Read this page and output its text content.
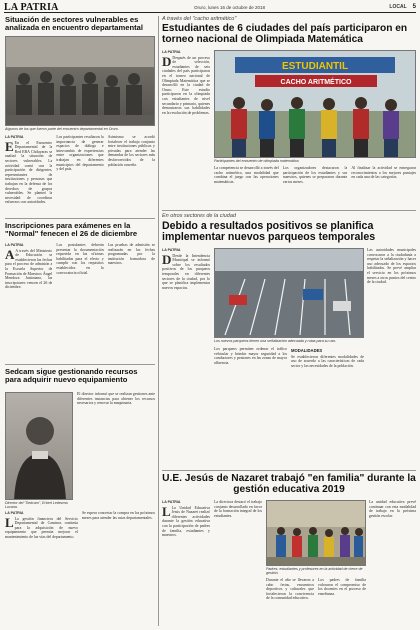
LA PATRIA	Oruro, lunes 16 de octubre de 2018	LOCAL 5
Situación de sectores vulnerables es analizada en encuentro departamental
Algunos de los que fueron parte del encuentro departamental en Oruro.
LA PATRIA
E En el Encuentro Departamental de la Red EBA Chiluyaras se analizó la situación de sectores vulnerables. La actividad contó con la participación de dirigentes, representantes de instituciones y personas que trabajan en la defensa de los derechos de grupos vulnerables. Se planteó la necesidad de coordinar esfuerzos con autoridades.
Los participantes resaltaron la importancia de generar espacios de diálogo e intercambio de experiencias entre organizaciones que trabajan en diferentes municipios del departamento y del país.
Asimismo se acordó fortalecer el trabajo conjunto entre instituciones públicas y privadas para atender las demandas de los sectores más desfavorecidos de la población orureña.
Inscripciones para exámenes en la "Normal" fenecen el 26 de diciembre
LA PATRIA
A A través del Ministerio de Educación se establecieron las fechas para el proceso de admisión a la Escuela Superior de Formación de Maestros Ángel Mendoza Justiniano, las inscripciones vencen el 26 de diciembre.
Los postulantes deberán presentar la documentación requerida en las oficinas habilitadas para el efecto y cumplir con los requisitos establecidos en la convocatoria oficial.
Las pruebas de admisión se realizarán en las fechas programadas por la institución formadora de maestros.
Sedcam sigue gestionando recursos para adquirir nuevo equipamiento
Director del "Sedcam", Erbert Ledezma Lucana.
El director informó que se realizan gestiones ante diferentes instancias para obtener los recursos necesarios y renovar la maquinaria.
LA PATRIA
L La gestión financiera del Servicio Departamental de Caminos continúa para la adquisición de nuevo equipamiento que permita mejorar el mantenimiento de las vías del departamento.
Se espera concretar la compra en los próximos meses para atender las rutas departamentales.
A través del "cacho aritmético"
Estudiantes de 6 ciudades del país participaron en torneo nacional de Olimpiada Matemática
LA PATRIA
D Después de un proceso de selección, estudiantes de seis ciudades del país participaron en el torneo nacional de Olimpiada Matemática que se desarrolló en la ciudad de Oruro.	Este estudio participaron en la olimpiada con estudiantes de nivel secundario y primario, quienes demostraron sus habilidades en la resolución de problemas.
ESTUDIANTIL
CACHO ARITMÉTICO
Participantes del encuentro de olimpiada matemática.
La competencia se desarrolló a través del cacho aritmético, una modalidad que combina el juego con las operaciones matemáticas.
Los organizadores destacaron la participación de los estudiantes y sus maestros, quienes se prepararon durante varios meses.
Al finalizar la actividad se entregaron reconocimientos a los mejores puntajes en cada una de las categorías.
En otros sectores de la ciudad
Debido a resultados positivos se planifica implementar nuevos parqueos temporales
LA PATRIA
D Desde la Intendencia Municipal se informó sobre los resultados positivos de los parqueos temporales en diferentes sectores de la ciudad, por lo que se planifica implementar nuevos espacios.
Los nuevos parqueos tienen una señalización adecuada y rutas para su uso.
Las autoridades municipales convocaron a la ciudadanía a respetar la señalización y hacer uso adecuado de los espacios habilitados. Se prevé ampliar el servicio en los próximos meses a otros puntos del centro de la ciudad.
Los parqueos permiten ordenar el tráfico vehicular y brindar mayor seguridad a los conductores y peatones en las zonas de mayor afluencia.
MODALIDADES
Se establecieron diferentes modalidades de uso de acuerdo a las características de cada sector y las necesidades de la población.
U.E. Jesús de Nazaret trabajó "en familia" durante la gestión educativa 2019
LA PATRIA
L La Unidad Educativa Jesús de Nazaret realizó diferentes actividades durante la gestión educativa con la participación de padres de familia, estudiantes y maestros.
La directora destacó el trabajo conjunto desarrollado en favor de la formación integral de los estudiantes.
Padres, estudiantes y profesores en la actividad de cierre de gestión.
Durante el año se llevaron a cabo ferias, encuentros deportivos y culturales que fortalecieron la convivencia de la comunidad educativa.
Los padres de familia valoraron el compromiso de los docentes en el proceso de enseñanza.
La unidad educativa prevé continuar con esta modalidad de trabajo en la próxima gestión escolar.
